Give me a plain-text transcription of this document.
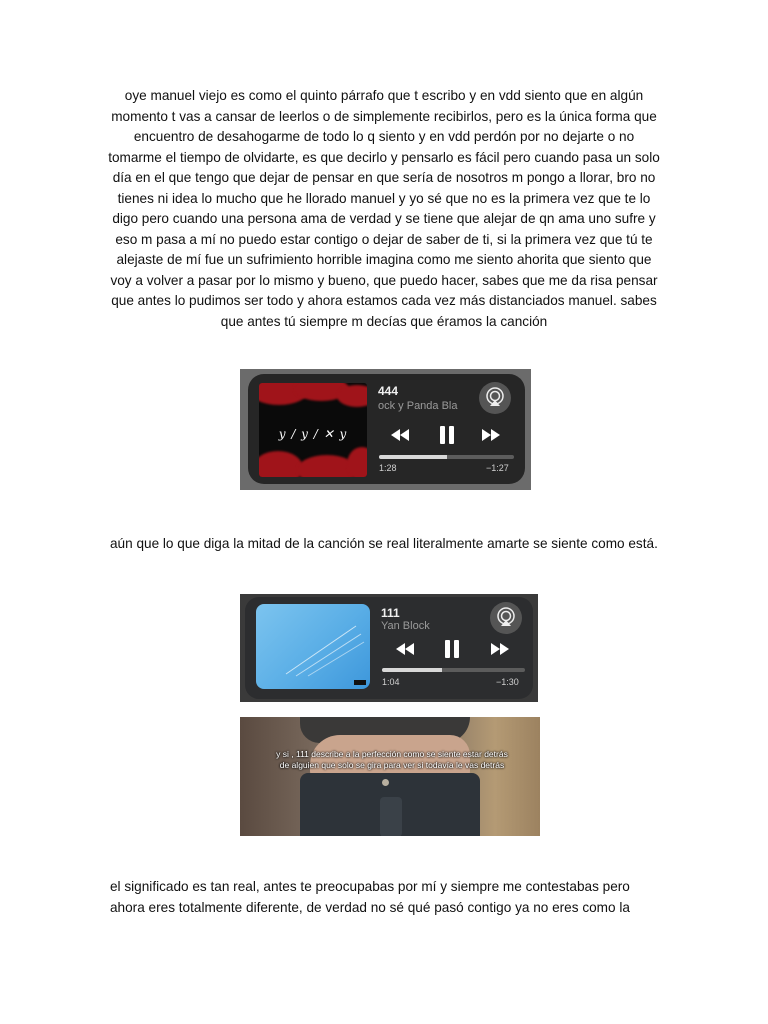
oye manuel viejo es como el quinto párrafo que t escribo y en vdd siento que en algún momento t vas a cansar de leerlos o de simplemente recibirlos, pero es la única forma que encuentro de desahogarme de todo lo q siento y en vdd perdón por no dejarte o no tomarme el tiempo de olvidarte, es que decirlo y pensarlo es fácil pero cuando pasa un solo día en el que tengo que dejar de pensar en que sería de nosotros m pongo a llorar, bro no tienes ni idea lo mucho que he llorado manuel y yo sé que no es la primera vez que te lo digo pero cuando una persona ama de verdad y se tiene que alejar de qn ama uno sufre y eso m pasa a mí no puedo estar contigo o dejar de saber de ti, si la primera vez que tú te alejaste de mí fue un sufrimiento horrible imagina como me siento ahorita que siento que voy a volver a pasar por lo mismo y bueno, que puedo hacer, sabes que me da risa pensar que antes lo pudimos ser todo y ahora estamos cada vez más distanciados manuel. sabes que antes tú siempre m decías que éramos la canción

y / y / ✕ y
444
ock y Panda Bla
1:28	−1:27

aún que lo que diga la mitad de la canción se real literalmente amarte se siente como está.

111
Yan Block
1:04	−1:30
y si , 111 describe a la perfección como se siente estar detrás de alguien que solo se gira para ver si todavía le vas detrás

el significado es tan real, antes te preocupabas por mí y siempre me contestabas pero ahora eres totalmente diferente, de verdad no sé qué pasó contigo ya no eres como la
